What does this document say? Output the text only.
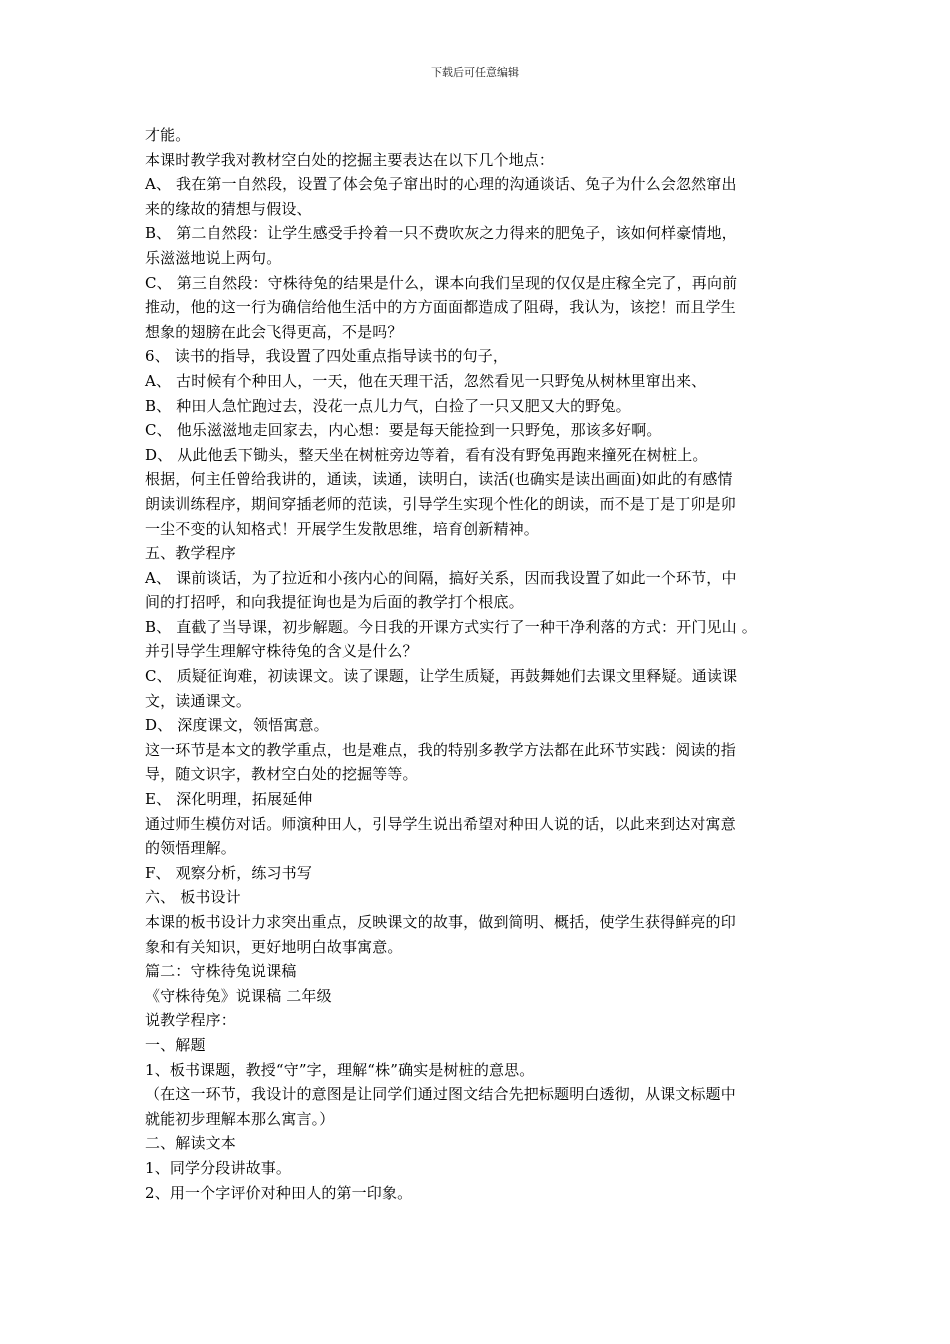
下载后可任意编辑

才能。

本课时教学我对教材空白处的挖掘主要表达在以下几个地点：

A、 我在第一自然段，设置了体会兔子窜出时的心理的沟通谈话、兔子为什么会忽然窜出

来的缘故的猜想与假设、

B、 第二自然段：让学生感受手拎着一只不费吹灰之力得来的肥兔子，该如何样豪情地，

乐滋滋地说上两句。

C、 第三自然段：守株待兔的结果是什么，课本向我们呈现的仅仅是庄稼全完了，再向前

推动，他的这一行为确信给他生活中的方方面面都造成了阻碍，我认为，该挖！而且学生

想象的翅膀在此会飞得更高，不是吗？

6、 读书的指导，我设置了四处重点指导读书的句子，

A、 古时候有个种田人，一天，他在天理干活，忽然看见一只野兔从树林里窜出来、

B、 种田人急忙跑过去，没花一点儿力气，白捡了一只又肥又大的野兔。

C、 他乐滋滋地走回家去，内心想：要是每天能捡到一只野兔，那该多好啊。

D、 从此他丢下锄头，整天坐在树桩旁边等着，看有没有野兔再跑来撞死在树桩上。

根据，何主任曾给我讲的，通读，读通，读明白，读活(也确实是读出画面)如此的有感情

朗读训练程序，期间穿插老师的范读，引导学生实现个性化的朗读，而不是丁是丁卯是卯

一尘不变的认知格式！开展学生发散思维，培育创新精神。

五、教学程序

A、 课前谈话，为了拉近和小孩内心的间隔，搞好关系，因而我设置了如此一个环节，中

间的打招呼，和向我提征询也是为后面的教学打个根底。

B、 直截了当导课，初步解题。今日我的开课方式实行了一种干净利落的方式：开门见山 。

并引导学生理解守株待兔的含义是什么？

C、 质疑征询难，初读课文。读了课题，让学生质疑，再鼓舞她们去课文里释疑。通读课

文，读通课文。

D、 深度课文，领悟寓意。

这一环节是本文的教学重点，也是难点，我的特别多教学方法都在此环节实践：阅读的指

导，随文识字，教材空白处的挖掘等等。

E、 深化明理，拓展延伸

通过师生模仿对话。师演种田人，引导学生说出希望对种田人说的话，以此来到达对寓意

的领悟理解。

F、 观察分析，练习书写

六、 板书设计

本课的板书设计力求突出重点，反映课文的故事，做到简明、概括，使学生获得鲜亮的印

象和有关知识，更好地明白故事寓意。

篇二：守株待兔说课稿

《守株待兔》说课稿 二年级

说教学程序：

一、解题

1、板书课题，教授“守”字，理解“株”确实是树桩的意思。

（在这一环节，我设计的意图是让同学们通过图文结合先把标题明白透彻，从课文标题中

就能初步理解本那么寓言。）

二、解读文本

1、同学分段讲故事。

2、用一个字评价对种田人的第一印象。
